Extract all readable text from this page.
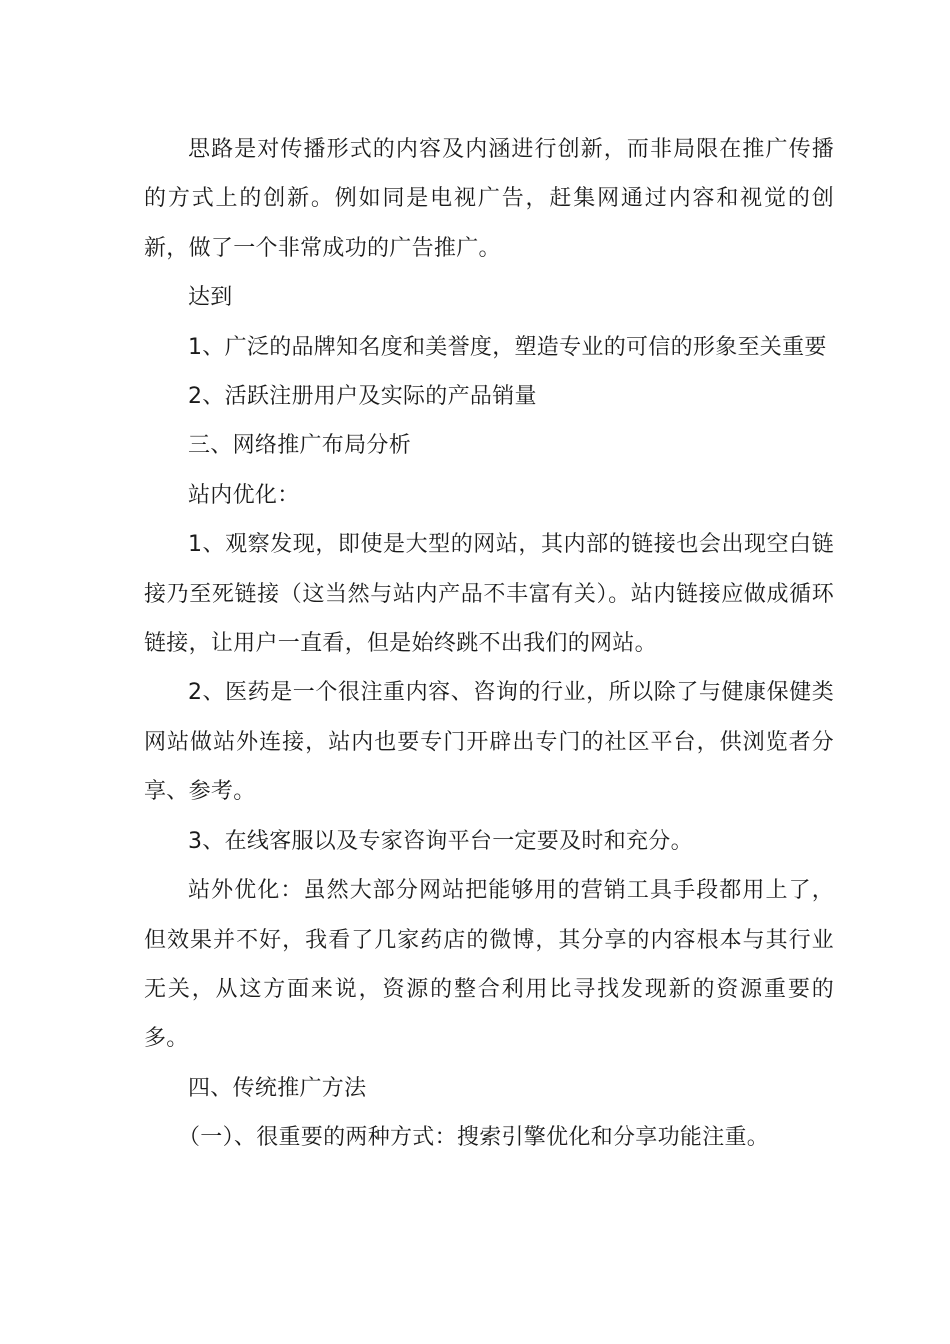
思路是对传播形式的内容及内涵进行创新，而非局限在推广传播的方式上的创新。例如同是电视广告，赶集网通过内容和视觉的创新，做了一个非常成功的广告推广。

达到

1、广泛的品牌知名度和美誉度，塑造专业的可信的形象至关重要

2、活跃注册用户及实际的产品销量

三、网络推广布局分析

站内优化：

1、观察发现，即使是大型的网站，其内部的链接也会出现空白链接乃至死链接（这当然与站内产品不丰富有关）。站内链接应做成循环链接，让用户一直看，但是始终跳不出我们的网站。

2、医药是一个很注重内容、咨询的行业，所以除了与健康保健类网站做站外连接，站内也要专门开辟出专门的社区平台，供浏览者分享、参考。

3、在线客服以及专家咨询平台一定要及时和充分。

站外优化：虽然大部分网站把能够用的营销工具手段都用上了，但效果并不好，我看了几家药店的微博，其分享的内容根本与其行业无关，从这方面来说，资源的整合利用比寻找发现新的资源重要的多。

四、传统推广方法

（一）、很重要的两种方式：搜索引擎优化和分享功能注重。
